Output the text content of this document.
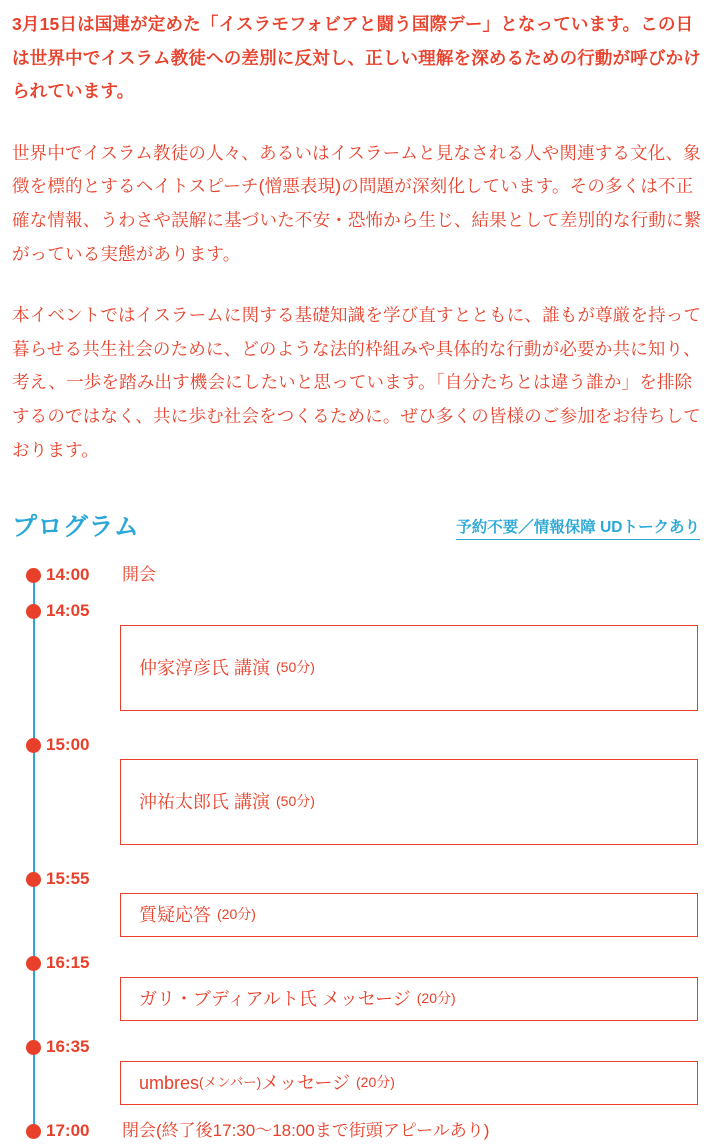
3月15日は国連が定めた「イスラモフォビアと闘う国際デー」となっています。この日は世界中でイスラム教徒への差別に反対し、正しい理解を深めるための行動が呼びかけられています。

世界中でイスラム教徒の人々、あるいはイスラームと見なされる人や関連する文化、象徴を標的とするヘイトスピーチ(憎悪表現)の問題が深刻化しています。その多くは不正確な情報、うわさや誤解に基づいた不安・恐怖から生じ、結果として差別的な行動に繋がっている実態があります。

本イベントではイスラームに関する基礎知識を学び直すとともに、誰もが尊厳を持って暮らせる共生社会のために、どのような法的枠組みや具体的な行動が必要か共に知り、考え、一歩を踏み出す機会にしたいと思っています。「自分たちとは違う誰か」を排除するのではなく、共に歩む社会をつくるために。ぜひ多くの皆様のご参加をお待ちしております。

プログラム	予約不要／情報保障 UDトークあり
14:00	開会
14:05
仲家淳彦氏 講演 (50分)
15:00
沖祐太郎氏 講演 (50分)
15:55
質疑応答 (20分)
16:15
ガリ・ブディアルト氏 メッセージ (20分)
16:35
umbres (メンバー) メッセージ (20分)
17:00	閉会(終了後17:30〜18:00まで街頭アピールあり)
